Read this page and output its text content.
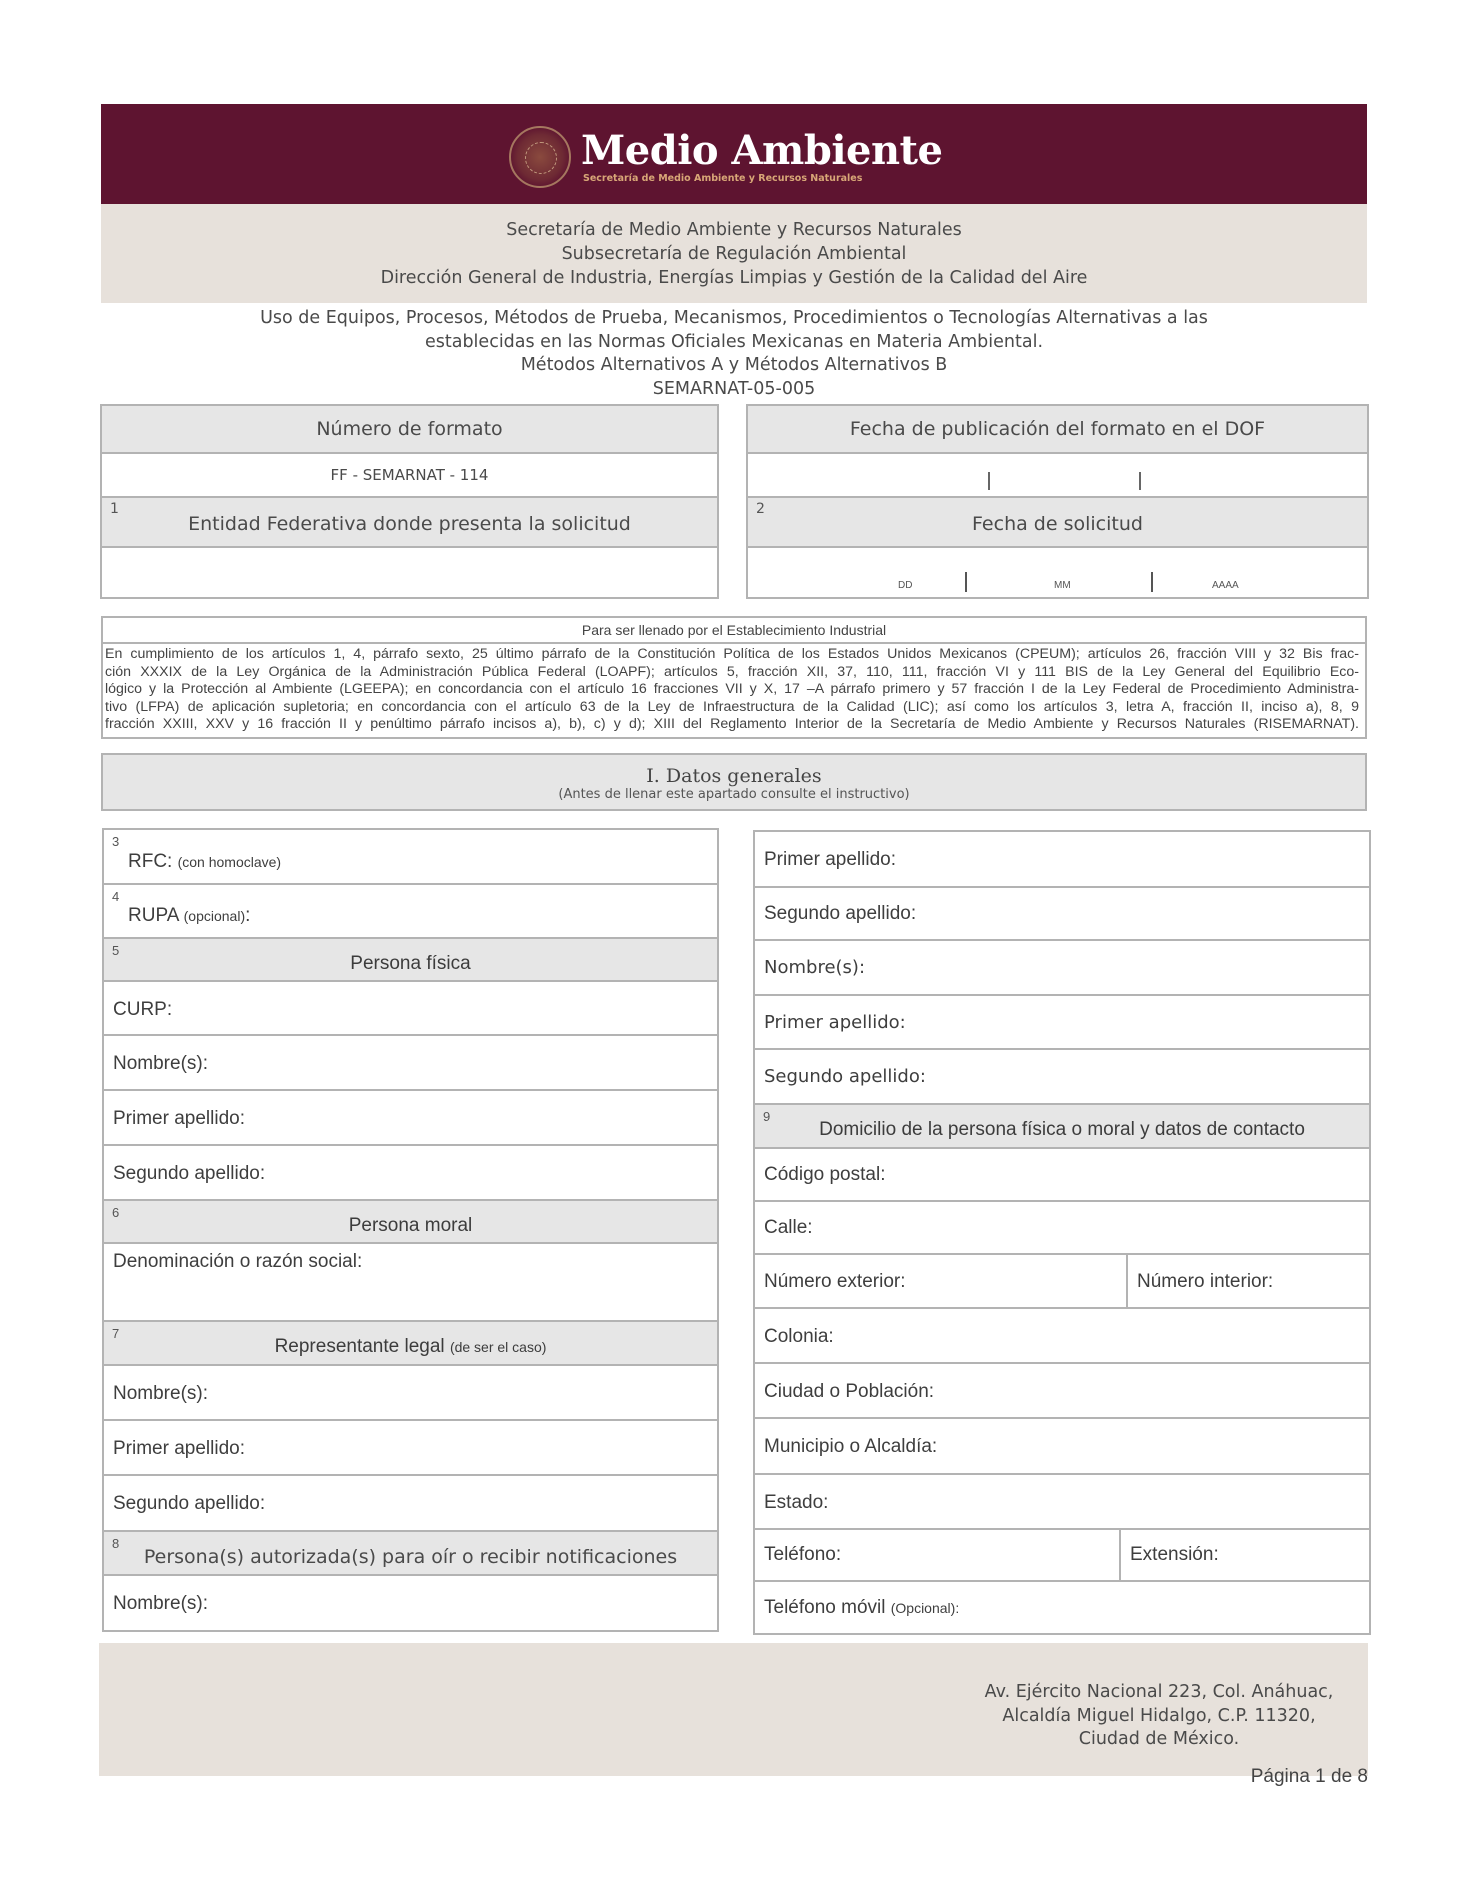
Medio Ambiente
Secretaría de Medio Ambiente y Recursos Naturales
Secretaría de Medio Ambiente y Recursos Naturales
Subsecretaría de Regulación Ambiental
Dirección General de Industria, Energías Limpias y Gestión de la Calidad del Aire
Uso de Equipos, Procesos, Métodos de Prueba, Mecanismos, Procedimientos o Tecnologías Alternativas a las
establecidas en las Normas Oficiales Mexicanas en Materia Ambiental.
Métodos Alternativos A y Métodos Alternativos B
SEMARNAT-05-005
Número de formato
FF - SEMARNAT - 114
1
Entidad Federativa donde presenta la solicitud
Fecha de publicación del formato en el DOF
2
Fecha de solicitud
DD	MM	AAAA
Para ser llenado por el Establecimiento Industrial
En cumplimiento de los artículos 1, 4, párrafo sexto, 25 último párrafo de la Constitución Política de los Estados Unidos Mexicanos (CPEUM); artículos 26, fracción VIII y 32 Bis frac-
ción XXXIX de la Ley Orgánica de la Administración Pública Federal (LOAPF); artículos 5, fracción XII, 37, 110, 111, fracción VI y 111 BIS de la Ley General del Equilibrio Eco-
lógico y la Protección al Ambiente (LGEEPA); en concordancia con el artículo 16 fracciones VII y X, 17 –A párrafo primero y 57 fracción I de la Ley Federal de Procedimiento Administra-
tivo (LFPA) de aplicación supletoria; en concordancia con el artículo 63 de la Ley de Infraestructura de la Calidad (LIC); así como los artículos 3, letra A, fracción II, inciso a), 8, 9
fracción XXIII, XXV y 16 fracción II y penúltimo párrafo incisos a), b), c) y d); XIII del Reglamento Interior de la Secretaría de Medio Ambiente y Recursos Naturales (RISEMARNAT).
I. Datos generales
(Antes de llenar este apartado consulte el instructivo)
3
RFC: (con homoclave)
4
RUPA (opcional):
5
Persona física
CURP:
Nombre(s):
Primer apellido:
Segundo apellido:
6
Persona moral
Denominación o razón social:
7
Representante legal (de ser el caso)
Nombre(s):
Primer apellido:
Segundo apellido:
8
Persona(s) autorizada(s) para oír o recibir notificaciones
Nombre(s):
Primer apellido:
Segundo apellido:
Nombre(s):
Primer apellido:
Segundo apellido:
9
Domicilio de la persona física o moral y datos de contacto
Código postal:
Calle:
Número exterior:	Número interior:
Colonia:
Ciudad o Población:
Municipio o Alcaldía:
Estado:
Teléfono:	Extensión:
Teléfono móvil (Opcional):
Av. Ejército Nacional 223, Col. Anáhuac,
Alcaldía Miguel Hidalgo, C.P. 11320,
Ciudad de México.
Página 1 de 8
